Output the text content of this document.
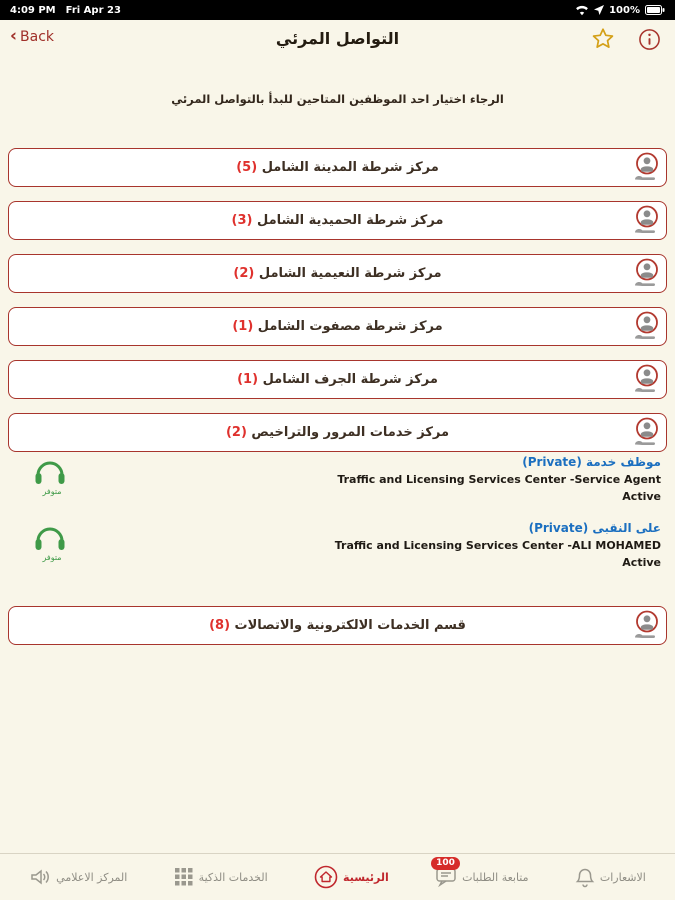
4:09 PM Fri Apr 23	100%
‹ Back	التواصل المرئي
الرجاء اختيار احد الموظفين المتاحين للبدأ بالتواصل المرئي
مركز شرطة المدينة الشامل (5)
مركز شرطة الحميدية الشامل (3)
مركز شرطة النعيمية الشامل (2)
مركز شرطة مصفوت الشامل (1)
مركز شرطة الجرف الشامل (1)
مركز خدمات المرور والتراخيص (2)
موظف خدمة (Private)
Traffic and Licensing Services Center -Service Agent
Active
متوفر
على النقبى (Private)
Traffic and Licensing Services Center -ALI MOHAMED
Active
متوفر
قسم الخدمات الالكترونية والاتصالات (8)
المركز الاعلامي	الخدمات الذكية	الرئيسية
100
متابعة الطلبات	الاشعارات
